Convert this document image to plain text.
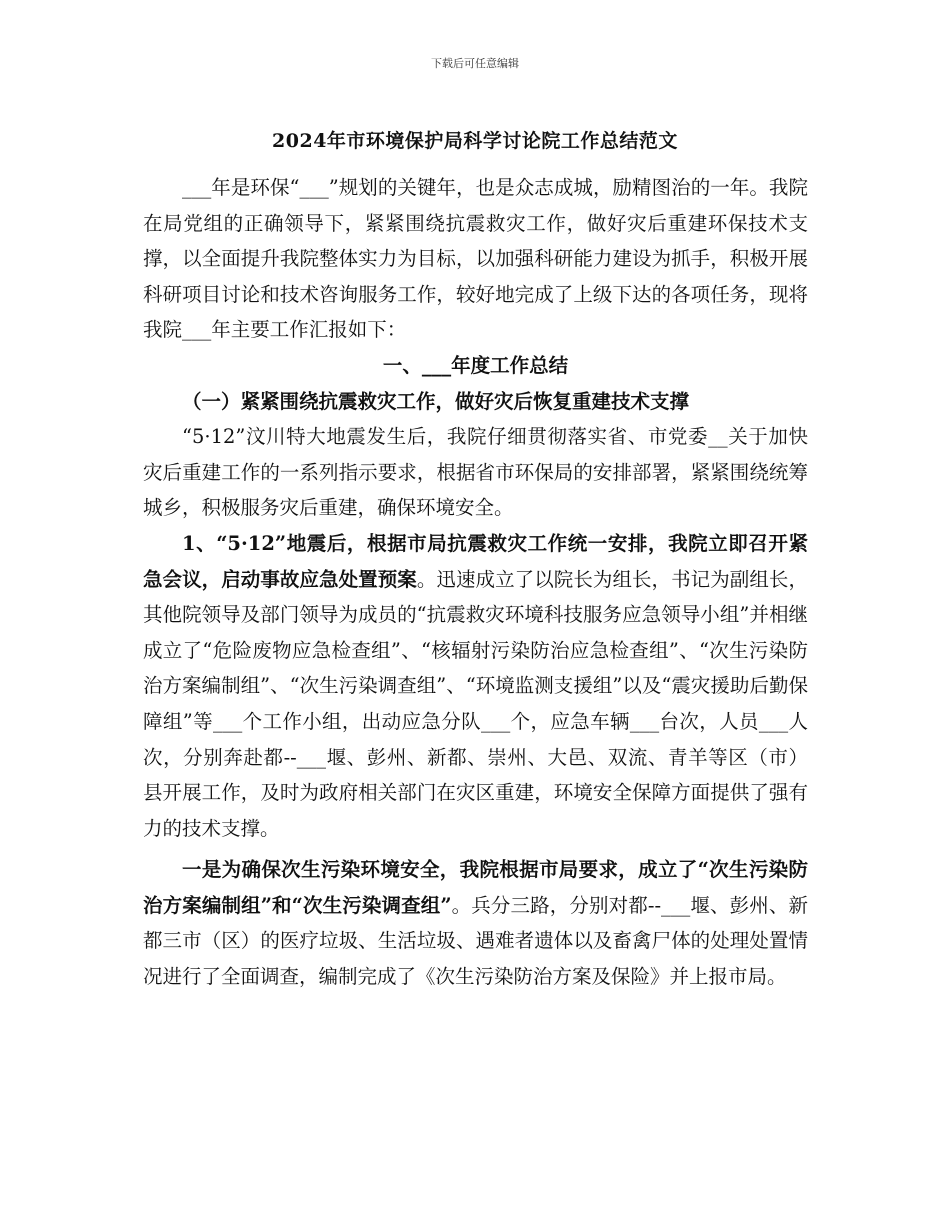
下载后可任意编辑
2024年市环境保护局科学讨论院工作总结范文

___年是环保“___”规划的关键年，也是众志成城，励精图治的一年。我院在局党组的正确领导下，紧紧围绕抗震救灾工作，做好灾后重建环保技术支撑，以全面提升我院整体实力为目标，以加强科研能力建设为抓手，积极开展科研项目讨论和技术咨询服务工作，较好地完成了上级下达的各项任务，现将我院___年主要工作汇报如下：

一、___年度工作总结

（一）紧紧围绕抗震救灾工作，做好灾后恢复重建技术支撑

“5·12”汶川特大地震发生后，我院仔细贯彻落实省、市党委__关于加快灾后重建工作的一系列指示要求，根据省市环保局的安排部署，紧紧围绕统筹城乡，积极服务灾后重建，确保环境安全。

1、“5·12”地震后，根据市局抗震救灾工作统一安排，我院立即召开紧急会议，启动事故应急处置预案。迅速成立了以院长为组长，书记为副组长，其他院领导及部门领导为成员的“抗震救灾环境科技服务应急领导小组”并相继成立了“危险废物应急检查组”、“核辐射污染防治应急检查组”、“次生污染防治方案编制组”、“次生污染调查组”、“环境监测支援组”以及“震灾援助后勤保障组”等___个工作小组，出动应急分队___个，应急车辆___台次，人员___人次，分别奔赴都--___堰、彭州、新都、崇州、大邑、双流、青羊等区（市）县开展工作，及时为政府相关部门在灾区重建，环境安全保障方面提供了强有力的技术支撑。

一是为确保次生污染环境安全，我院根据市局要求，成立了“次生污染防治方案编制组”和“次生污染调查组”。兵分三路，分别对都--___堰、彭州、新都三市（区）的医疗垃圾、生活垃圾、遇难者遗体以及畜禽尸体的处理处置情况进行了全面调查，编制完成了《次生污染防治方案及保险》并上报市局。
